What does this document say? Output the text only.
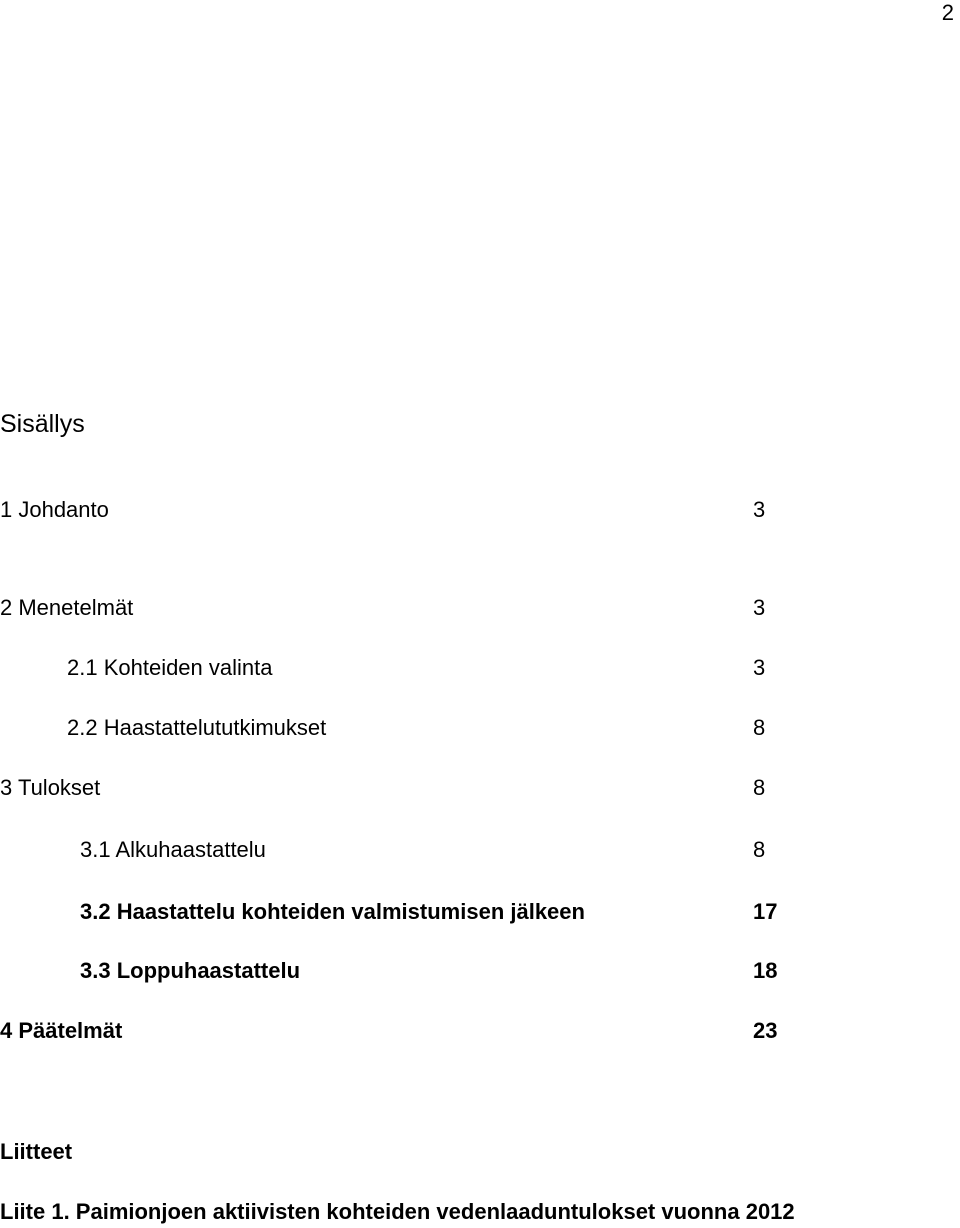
2
Sisällys
1 Johdanto	3
2 Menetelmät	3
2.1 Kohteiden valinta	3
2.2 Haastattelututkimukset	8
3 Tulokset	8
3.1 Alkuhaastattelu	8
3.2 Haastattelu kohteiden valmistumisen jälkeen	17
3.3 Loppuhaastattelu	18
4 Päätelmät	23
Liitteet
Liite 1. Paimionjoen aktiivisten kohteiden vedenlaaduntulokset vuonna 2012
